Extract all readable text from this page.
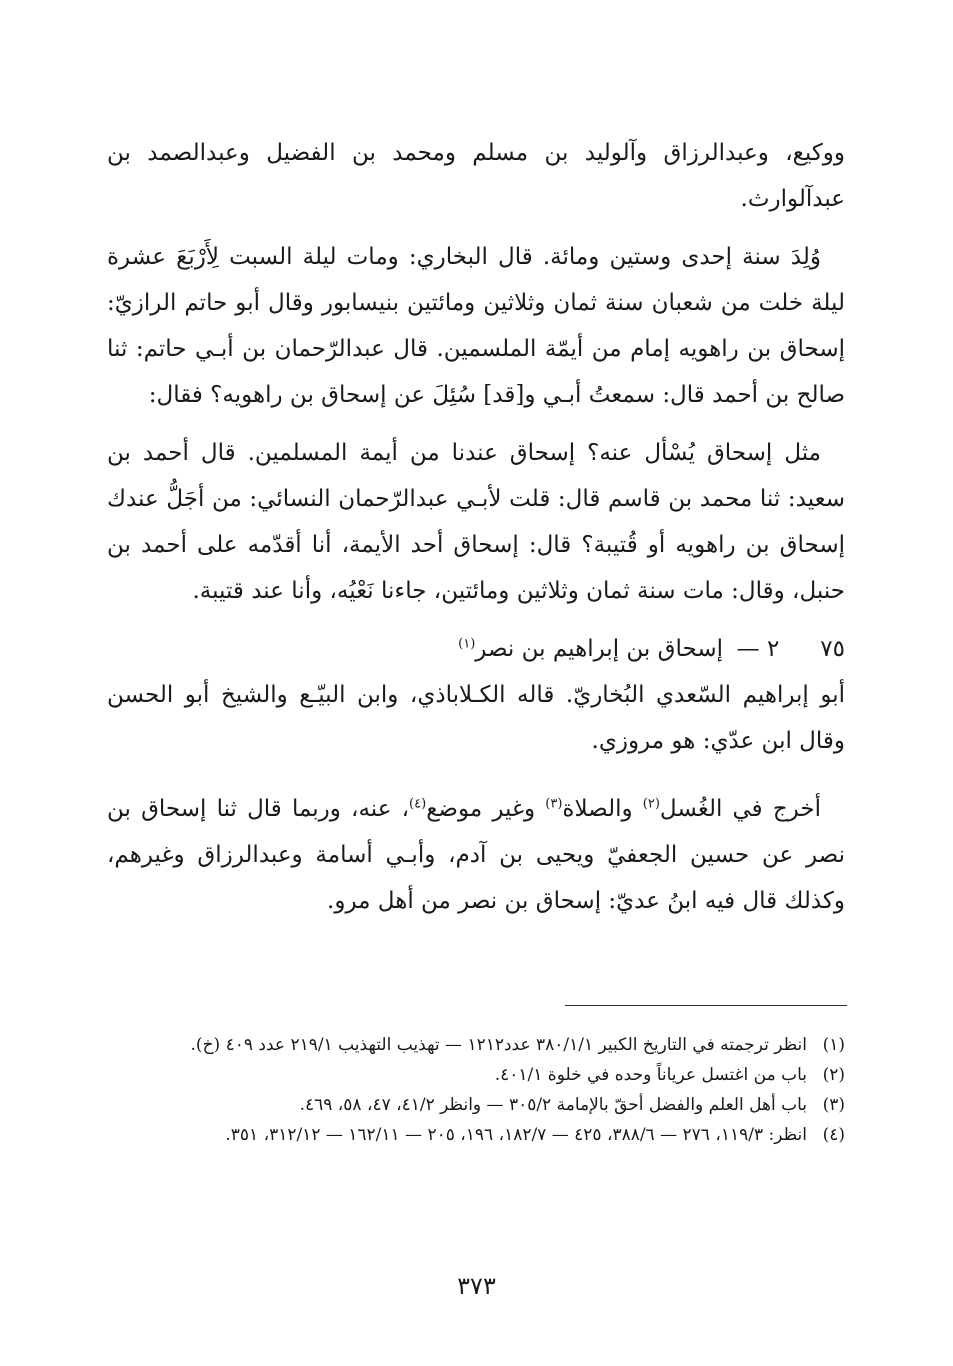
ووكيع، وعبدالرزاق وآلوليد بن مسلم ومحمد بن الفضيل وعبدالصمد بن عبدآلوارث.

وُلِدَ سنة إحدى وستين ومائة. قال البخاري: ومات ليلة السبت لِأَرْبَعَ عشرة ليلة خلت من شعبان سنة ثمان وثلاثين ومائتين بنيسابور وقال أبو حاتم الرازيّ: إسحاق بن راهويه إمام من أيمّة الملسمين. قال عبدالرّحمان بن أبـي حاتم: ثنا صالح بن أحمد قال: سمعتُ أبـي و[قد] سُئِلَ عن إسحاق بن راهويه؟ فقال:

مثل إسحاق يُسْأل عنه؟ إسحاق عندنا من أيمة المسلمين. قال أحمد بن سعيد: ثنا محمد بن قاسم قال: قلت لأبـي عبدالرّحمان النسائي: من أجَلُّ عندك إسحاق بن راهويه أو قُتيبة؟ قال: إسحاق أحد الأيمة، أنا أقدّمه على أحمد بن حنبل، وقال: مات سنة ثمان وثلاثين ومائتين، جاءنا نَعْيُه، وأنا عند قتيبة.

٧٥
٢ —
إسحاق بن إبراهيم بن نصر$^{(١)}$

أبو إبراهيم السّعدي البُخاريّ. قاله الكـلاباذي، وابن البيّـع والشيخ أبو الحسن وقال ابن عدّي: هو مروزي.

أخرج في الغُسل$^{(٢)}$ والصلاة$^{(٣)}$ وغير موضع$^{(٤)}$، عنه، وربما قال ثنا إسحاق بن نصر عن حسين الجعفيّ ويحيى بن آدم، وأبـي أسامة وعبدالرزاق وغيرهم، وكذلك قال فيه ابنُ عديّ: إسحاق بن نصر من أهل مرو.

(١)
انظر ترجمته في التاريخ الكبير ٣٨٠/١/١ عدد١٢١٢ — تهذيب التهذيب ٢١٩/١ عدد ٤٠٩ (خ).
(٢)
باب من اغتسل عرياناً وحده في خلوة ٤٠١/١.
(٣)
باب أهل العلم والفضل أحقّ بالإمامة ٣٠٥/٢ — وانظر ٤١/٢، ٤٧، ٥٨، ٤٦٩.
(٤)
انظر: ١١٩/٣، ٢٧٦ — ٣٨٨/٦، ٤٢٥ — ١٨٢/٧، ١٩٦، ٢٠٥ — ١٦٢/١١ — ٣١٢/١٢، ٣٥١.
٣٧٣
